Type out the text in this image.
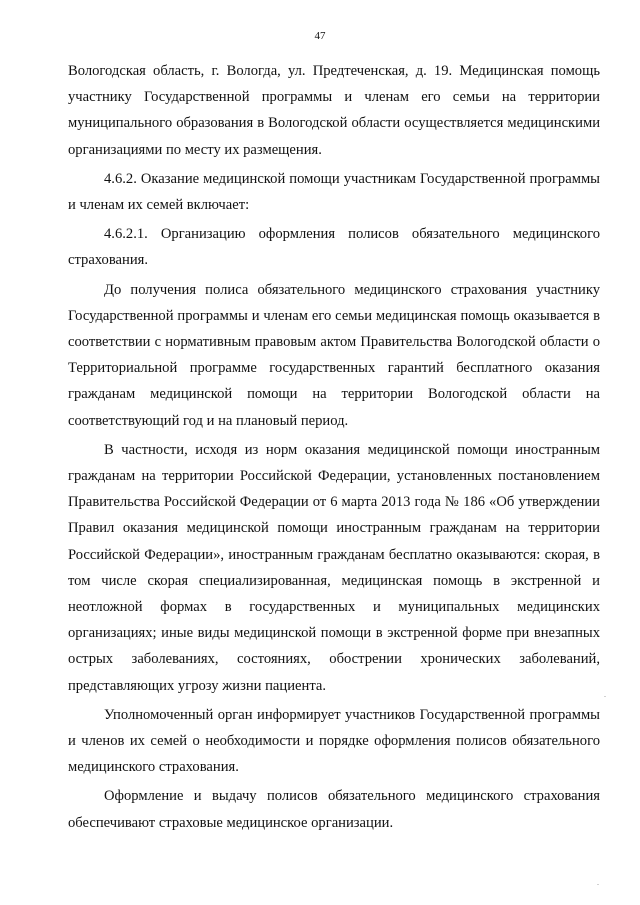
47

Вологодская область, г. Вологда, ул. Предтеченская, д. 19. Медицинская помощь участнику Государственной программы и членам его семьи на территории муниципального образования в Вологодской области осуществляется медицинскими организациями по месту их размещения.

4.6.2. Оказание медицинской помощи участникам Государственной программы и членам их семей включает:

4.6.2.1. Организацию оформления полисов обязательного медицинского страхования.

До получения полиса обязательного медицинского страхования участнику Государственной программы и членам его семьи медицинская помощь оказывается в соответствии с нормативным правовым актом Правительства Вологодской области о Территориальной программе государственных гарантий бесплатного оказания гражданам медицинской помощи на территории Вологодской области на соответствующий год и на плановый период.

В частности, исходя из норм оказания медицинской помощи иностранным гражданам на территории Российской Федерации, установленных постановлением Правительства Российской Федерации от 6 марта 2013 года № 186 «Об утверждении Правил оказания медицинской помощи иностранным гражданам на территории Российской Федерации», иностранным гражданам бесплатно оказываются: скорая, в том числе скорая специализированная, медицинская помощь в экстренной и неотложной формах в государственных и муниципальных медицинских организациях; иные виды медицинской помощи в экстренной форме при внезапных острых заболеваниях, состояниях, обострении хронических заболеваний, представляющих угрозу жизни пациента.

Уполномоченный орган информирует участников Государственной программы и членов их семей о необходимости и порядке оформления полисов обязательного медицинского страхования.

Оформление и выдачу полисов обязательного медицинского страхования обеспечивают страховые медицинское организации.

.
.
